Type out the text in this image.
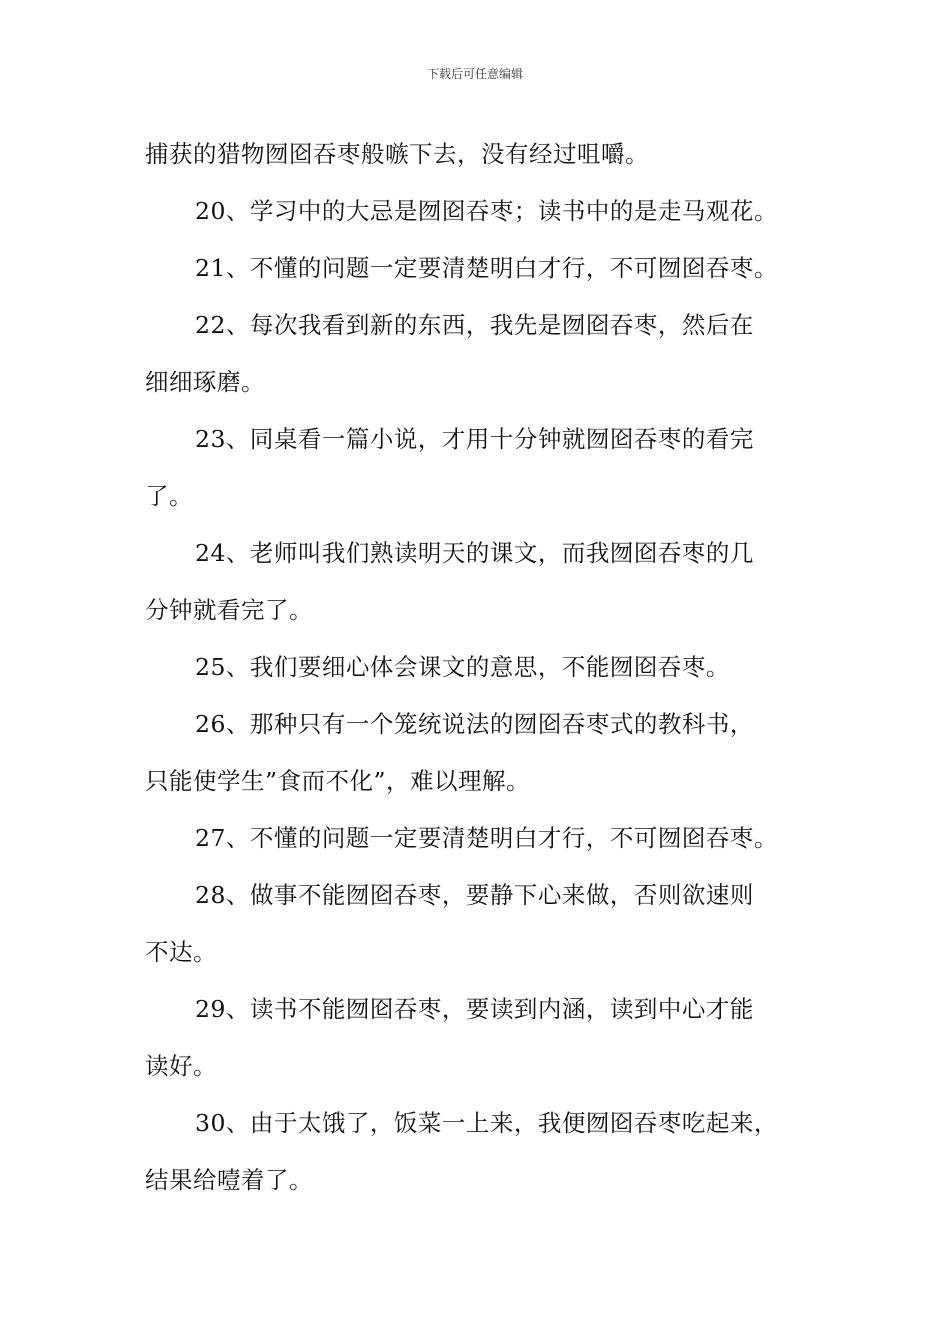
下载后可任意编辑

捕获的猎物囫囵吞枣般嗾下去，没有经过咀嚼。

20、学习中的大忌是囫囵吞枣；读书中的是走马观花。

21、不懂的问题一定要清楚明白才行，不可囫囵吞枣。

22、每次我看到新的东西，我先是囫囵吞枣，然后在

细细琢磨。

23、同桌看一篇小说，才用十分钟就囫囵吞枣的看完

了。

24、老师叫我们熟读明天的课文，而我囫囵吞枣的几

分钟就看完了。

25、我们要细心体会课文的意思，不能囫囵吞枣。

26、那种只有一个笼统说法的囫囵吞枣式的教科书，

只能使学生”食而不化”，难以理解。

27、不懂的问题一定要清楚明白才行，不可囫囵吞枣。

28、做事不能囫囵吞枣，要静下心来做，否则欲速则

不达。

29、读书不能囫囵吞枣，要读到内涵，读到中心才能

读好。

30、由于太饿了，饭菜一上来，我便囫囵吞枣吃起来，

结果给噎着了。
